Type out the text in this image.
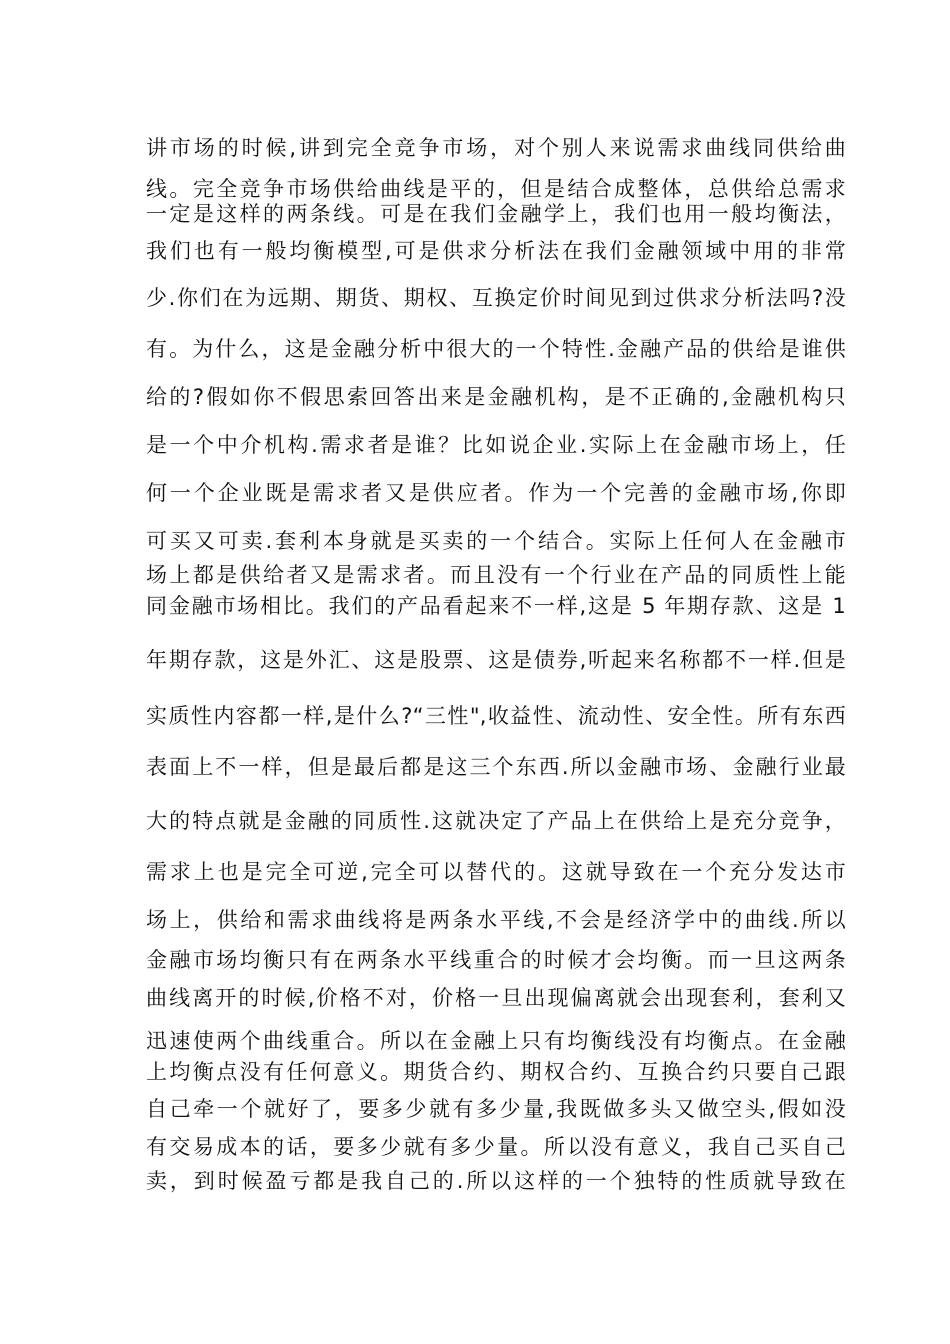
讲市场的时候,讲到完全竞争市场，对个别人来说需求曲线同供给曲
线。完全竞争市场供给曲线是平的，但是结合成整体，总供给总需求
一定是这样的两条线。可是在我们金融学上，我们也用一般均衡法，
我们也有一般均衡模型,可是供求分析法在我们金融领域中用的非常
少.你们在为远期、期货、期权、互换定价时间见到过供求分析法吗?没
有。为什么，这是金融分析中很大的一个特性.金融产品的供给是谁供
给的?假如你不假思索回答出来是金融机构，是不正确的,金融机构只
是一个中介机构.需求者是谁？比如说企业.实际上在金融市场上，任
何一个企业既是需求者又是供应者。作为一个完善的金融市场,你即
可买又可卖.套利本身就是买卖的一个结合。实际上任何人在金融市
场上都是供给者又是需求者。而且没有一个行业在产品的同质性上能
同金融市场相比。我们的产品看起来不一样,这是 5 年期存款、这是 1
年期存款，这是外汇、这是股票、这是债券,听起来名称都不一样.但是
实质性内容都一样,是什么?“三性",收益性、流动性、安全性。所有东西
表面上不一样，但是最后都是这三个东西.所以金融市场、金融行业最
大的特点就是金融的同质性.这就决定了产品上在供给上是充分竞争，
需求上也是完全可逆,完全可以替代的。这就导致在一个充分发达市
场上，供给和需求曲线将是两条水平线,不会是经济学中的曲线.所以
金融市场均衡只有在两条水平线重合的时候才会均衡。而一旦这两条
曲线离开的时候,价格不对，价格一旦出现偏离就会出现套利，套利又
迅速使两个曲线重合。所以在金融上只有均衡线没有均衡点。在金融
上均衡点没有任何意义。期货合约、期权合约、互换合约只要自己跟
自己牵一个就好了，要多少就有多少量,我既做多头又做空头,假如没
有交易成本的话，要多少就有多少量。所以没有意义，我自己买自己
卖，到时候盈亏都是我自己的.所以这样的一个独特的性质就导致在
